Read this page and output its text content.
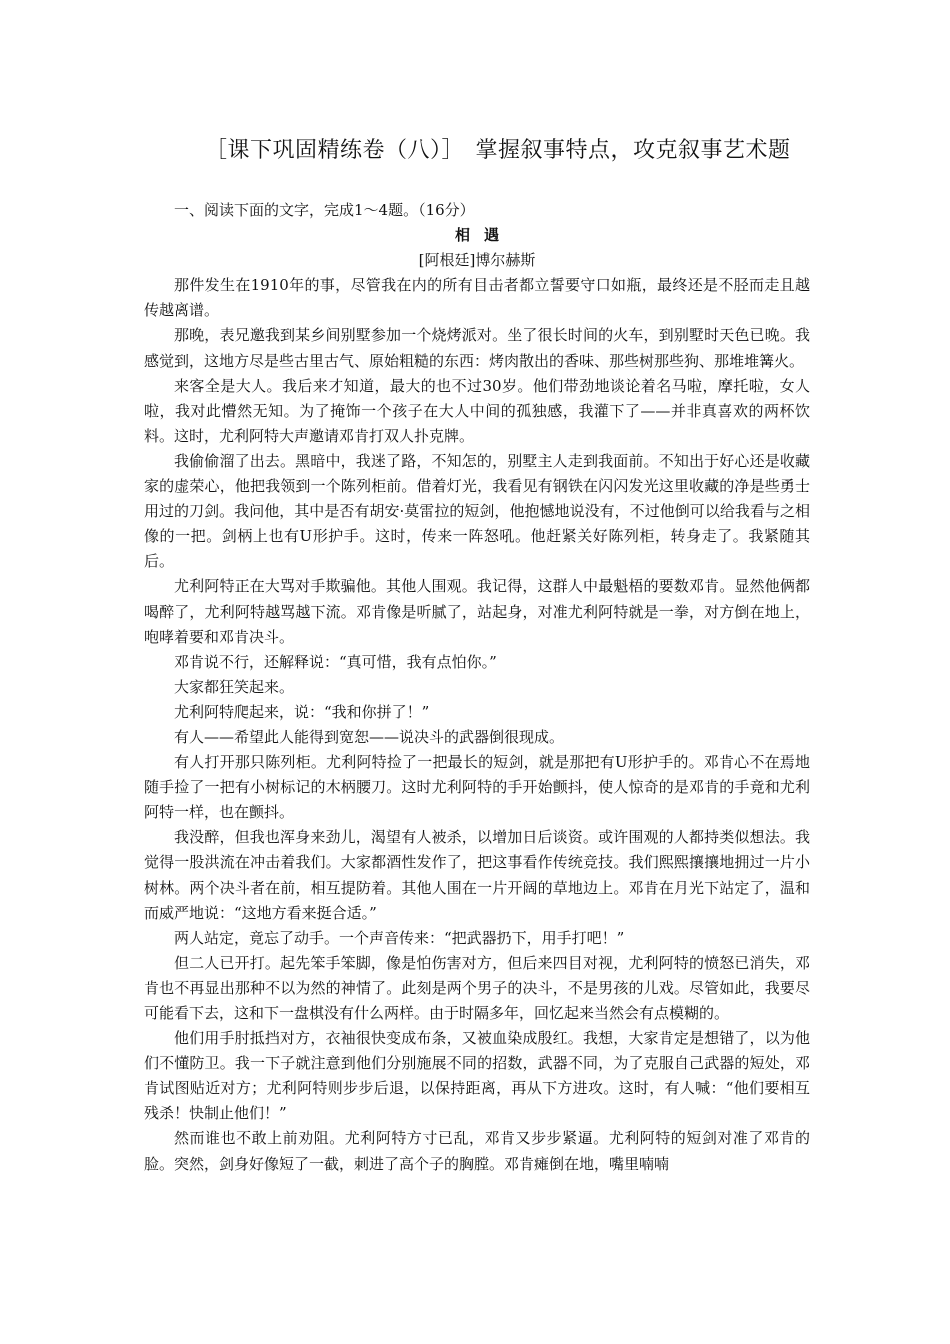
［课下巩固精练卷（八）］　掌握叙事特点，攻克叙事艺术题

一、阅读下面的文字，完成1～4题。（16分）

相遇

[阿根廷]博尔赫斯

那件发生在1910年的事，尽管我在内的所有目击者都立誓要守口如瓶，最终还是不胫而走且越传越离谱。

那晚，表兄邀我到某乡间别墅参加一个烧烤派对。坐了很长时间的火车，到别墅时天色已晚。我感觉到，这地方尽是些古里古气、原始粗糙的东西：烤肉散出的香味、那些树那些狗、那堆堆篝火。

来客全是大人。我后来才知道，最大的也不过30岁。他们带劲地谈论着名马啦，摩托啦，女人啦，我对此懵然无知。为了掩饰一个孩子在大人中间的孤独感，我灌下了——并非真喜欢的两杯饮料。这时，尤利阿特大声邀请邓肯打双人扑克牌。

我偷偷溜了出去。黑暗中，我迷了路，不知怎的，别墅主人走到我面前。不知出于好心还是收藏家的虚荣心，他把我领到一个陈列柜前。借着灯光，我看见有钢铁在闪闪发光这里收藏的净是些勇士用过的刀剑。我问他，其中是否有胡安·莫雷拉的短剑，他抱憾地说没有，不过他倒可以给我看与之相像的一把。剑柄上也有U形护手。这时，传来一阵怒吼。他赶紧关好陈列柜，转身走了。我紧随其后。

尤利阿特正在大骂对手欺骗他。其他人围观。我记得，这群人中最魁梧的要数邓肯。显然他俩都喝醉了，尤利阿特越骂越下流。邓肯像是听腻了，站起身，对准尤利阿特就是一拳，对方倒在地上，咆哮着要和邓肯决斗。

邓肯说不行，还解释说：“真可惜，我有点怕你。”

大家都狂笑起来。

尤利阿特爬起来，说：“我和你拼了！”

有人——希望此人能得到宽恕——说决斗的武器倒很现成。

有人打开那只陈列柜。尤利阿特捡了一把最长的短剑，就是那把有U形护手的。邓肯心不在焉地随手捡了一把有小树标记的木柄腰刀。这时尤利阿特的手开始颤抖，使人惊奇的是邓肯的手竟和尤利阿特一样，也在颤抖。

我没醉，但我也浑身来劲儿，渴望有人被杀，以增加日后谈资。或许围观的人都持类似想法。我觉得一股洪流在冲击着我们。大家都酒性发作了，把这事看作传统竞技。我们熙熙攘攘地拥过一片小树林。两个决斗者在前，相互提防着。其他人围在一片开阔的草地边上。邓肯在月光下站定了，温和而威严地说：“这地方看来挺合适。”

两人站定，竟忘了动手。一个声音传来：“把武器扔下，用手打吧！”

但二人已开打。起先笨手笨脚，像是怕伤害对方，但后来四目对视，尤利阿特的愤怒已消失，邓肯也不再显出那种不以为然的神情了。此刻是两个男子的决斗，不是男孩的儿戏。尽管如此，我要尽可能看下去，这和下一盘棋没有什么两样。由于时隔多年，回忆起来当然会有点模糊的。

他们用手肘抵挡对方，衣袖很快变成布条，又被血染成殷红。我想，大家肯定是想错了，以为他们不懂防卫。我一下子就注意到他们分别施展不同的招数，武器不同，为了克服自己武器的短处，邓肯试图贴近对方；尤利阿特则步步后退，以保持距离，再从下方进攻。这时，有人喊：“他们要相互残杀！快制止他们！”

然而谁也不敢上前劝阻。尤利阿特方寸已乱，邓肯又步步紧逼。尤利阿特的短剑对准了邓肯的脸。突然，剑身好像短了一截，刺进了高个子的胸膛。邓肯瘫倒在地，嘴里喃喃
